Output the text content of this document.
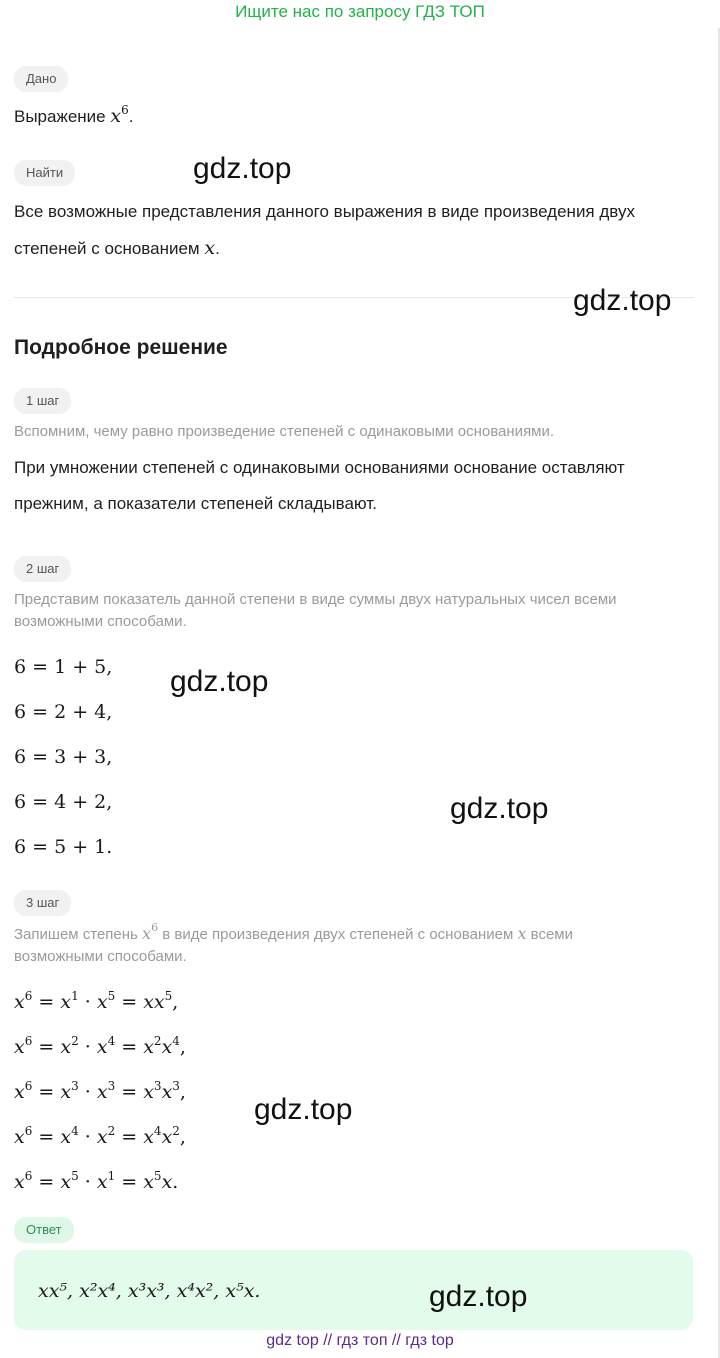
Ищите нас по запросу ГДЗ ТОП
Дано
Выражение $x^6$.
Найти
Все возможные представления данного выражения в виде произведения двух
степеней с основанием x.
Подробное решение
1 шаг
Вспомним, чему равно произведение степеней с одинаковыми основаниями.
При умножении степеней с одинаковыми основаниями основание оставляют
прежним, а показатели степеней складывают.
2 шаг
Представим показатель данной степени в виде суммы двух натуральных чисел всеми
возможными способами.
6 = 1 + 5,
6 = 2 + 4,
6 = 3 + 3,
6 = 4 + 2,
6 = 5 + 1.
3 шаг
Запишем степень $x^6$ в виде произведения двух степеней с основанием x всеми
возможными способами.
$x^6 = x^1 \cdot x^5 = xx^5$,
$x^6 = x^2 \cdot x^4 = x^2x^4$,
$x^6 = x^3 \cdot x^3 = x^3x^3$,
$x^6 = x^4 \cdot x^2 = x^4x^2$,
$x^6 = x^5 \cdot x^1 = x^5x$.
Ответ
xx⁵, x²x⁴, x³x³, x⁴x², x⁵x.
gdz.top
gdz.top
gdz.top
gdz.top
gdz.top
gdz.top
gdz top // гдз топ // гдз top
